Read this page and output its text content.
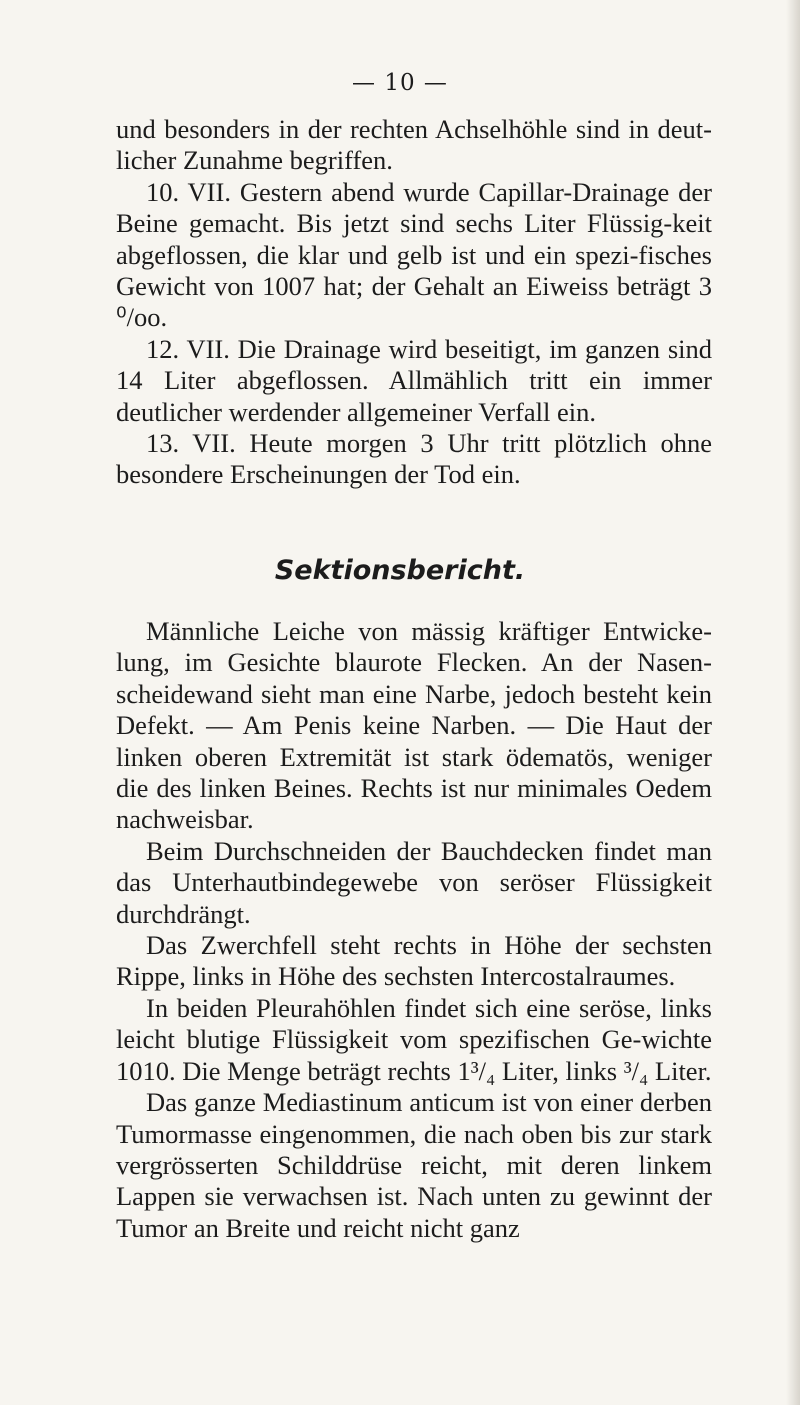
— 10 —

und besonders in der rechten Achselhöhle sind in deut-licher Zunahme begriffen.

10. VII. Gestern abend wurde Capillar-Drainage der Beine gemacht. Bis jetzt sind sechs Liter Flüssig-keit abgeflossen, die klar und gelb ist und ein spezi-fisches Gewicht von 1007 hat; der Gehalt an Eiweiss beträgt 3 ⁰/oo.

12. VII. Die Drainage wird beseitigt, im ganzen sind 14 Liter abgeflossen. Allmählich tritt ein immer deutlicher werdender allgemeiner Verfall ein.

13. VII. Heute morgen 3 Uhr tritt plötzlich ohne besondere Erscheinungen der Tod ein.

Sektionsbericht.

Männliche Leiche von mässig kräftiger Entwicke-lung, im Gesichte blaurote Flecken. An der Nasen-scheidewand sieht man eine Narbe, jedoch besteht kein Defekt. — Am Penis keine Narben. — Die Haut der linken oberen Extremität ist stark ödematös, weniger die des linken Beines. Rechts ist nur minimales Oedem nachweisbar.

Beim Durchschneiden der Bauchdecken findet man das Unterhautbindegewebe von seröser Flüssigkeit durchdrängt.

Das Zwerchfell steht rechts in Höhe der sechsten Rippe, links in Höhe des sechsten Intercostalraumes.

In beiden Pleurahöhlen findet sich eine seröse, links leicht blutige Flüssigkeit vom spezifischen Ge-wichte 1010. Die Menge beträgt rechts 1³/₄ Liter, links ³/₄ Liter.

Das ganze Mediastinum anticum ist von einer derben Tumormasse eingenommen, die nach oben bis zur stark vergrösserten Schilddrüse reicht, mit deren linkem Lappen sie verwachsen ist. Nach unten zu gewinnt der Tumor an Breite und reicht nicht ganz
